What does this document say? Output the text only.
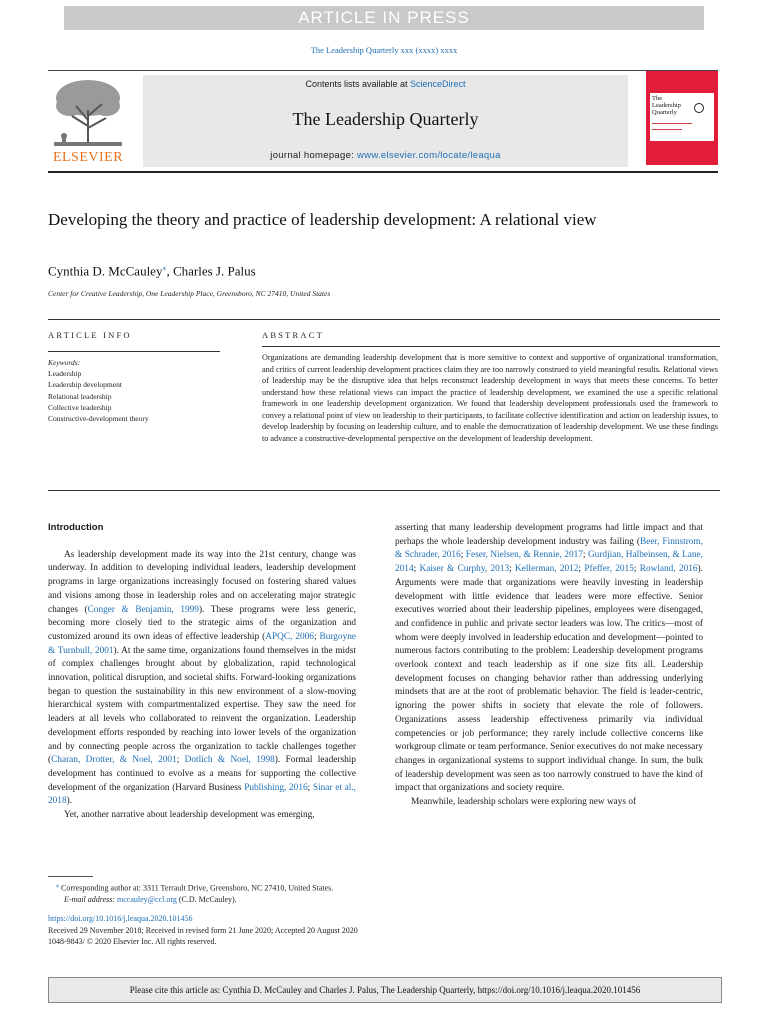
ARTICLE IN PRESS
The Leadership Quarterly xxx (xxxx) xxxx
ELSEVIER
Contents lists available at ScienceDirect
The Leadership Quarterly
journal homepage: www.elsevier.com/locate/leaqua
The
Leadership
Quarterly
Developing the theory and practice of leadership development: A relational view
Cynthia D. McCauley⁎, Charles J. Palus
Center for Creative Leadership, One Leadership Place, Greensboro, NC 27410, United States
ARTICLE INFO	ABSTRACT
Keywords:
Leadership
Leadership development
Relational leadership
Collective leadership
Constructive-development theory
Organizations are demanding leadership development that is more sensitive to context and supportive of organizational transformation, and critics of current leadership development practices claim they are too narrowly construed to yield meaningful results. Relational views of leadership may be the disruptive idea that helps reconstruct leadership development in ways that meets these concerns. To better understand how these relational views can impact the practice of leadership development, we examined the use a specific relational framework in one leadership development organization. We found that leadership development professionals used the framework to convey a relational point of view on leadership to their participants, to facilitate collective identification and action on leadership issues, to develop leadership by focusing on leadership culture, and to enable the democratization of leadership development. We use these findings to advance a constructive-developmental perspective on the development of leadership development.
Introduction

As leadership development made its way into the 21st century, change was underway. In addition to developing individual leaders, leadership development programs in large organizations increasingly focused on fostering shared values and visions among those in leadership roles and on accelerating major strategic changes (Conger & Benjamin, 1999). These programs were less generic, becoming more closely tied to the strategic aims of the organization and customized around its own ideas of effective leadership (APQC, 2006; Burgoyne & Turnbull, 2001). At the same time, organizations found themselves in the midst of complex challenges brought about by globalization, rapid technological innovation, political disruption, and societal shifts. Forward-looking organizations began to question the sustainability in this new environment of a slow-moving hierarchical system with compartmentalized expertise. They saw the need for leaders at all levels who collaborated to reinvent the organization. Leadership development efforts responded by reaching into lower levels of the organization and by connecting people across the organization to tackle challenges together (Charan, Drotter, & Noel, 2001; Dotlich & Noel, 1998). Formal leadership development has continued to evolve as a means for supporting the collective development of the organization (Harvard Business Publishing, 2016; Sinar et al., 2018).

Yet, another narrative about leadership development was emerging,

asserting that many leadership development programs had little impact and that perhaps the whole leadership development industry was failing (Beer, Finnstrom, & Schrader, 2016; Feser, Nielsen, & Rennie, 2017; Gurdjian, Halbeinsen, & Lane, 2014; Kaiser & Curphy, 2013; Kellerman, 2012; Pfeffer, 2015; Rowland, 2016). Arguments were made that organizations were heavily investing in leadership development with little evidence that leaders were more effective. Senior executives worried about their leadership pipelines, employees were disengaged, and confidence in public and private sector leaders was low. The critics—most of whom were deeply involved in leadership education and development—pointed to numerous factors contributing to the problem: Leadership development programs overlook context and teach leadership as if one size fits all. Leadership development focuses on changing behavior rather than addressing underlying mindsets that are at the root of problematic behavior. The field is leader-centric, ignoring the power shifts in society that elevate the role of followers. Organizations assess leadership effectiveness primarily via individual competencies or job performance; they rarely include collective concerns like workgroup climate or team performance. Senior executives do not make necessary changes in organizational systems to support individual change. In sum, the bulk of leadership development was seen as too narrowly construed to have the kind of impact that organizations and society require.

Meanwhile, leadership scholars were exploring new ways of

⁎ Corresponding author at: 3311 Terrault Drive, Greensboro, NC 27410, United States.
E-mail address: mccauley@ccl.org (C.D. McCauley).
https://doi.org/10.1016/j.leaqua.2020.101456
Received 29 November 2018; Received in revised form 21 June 2020; Accepted 20 August 2020
1048-9843/ © 2020 Elsevier Inc. All rights reserved.
Please cite this article as: Cynthia D. McCauley and Charles J. Palus, The Leadership Quarterly, https://doi.org/10.1016/j.leaqua.2020.101456
